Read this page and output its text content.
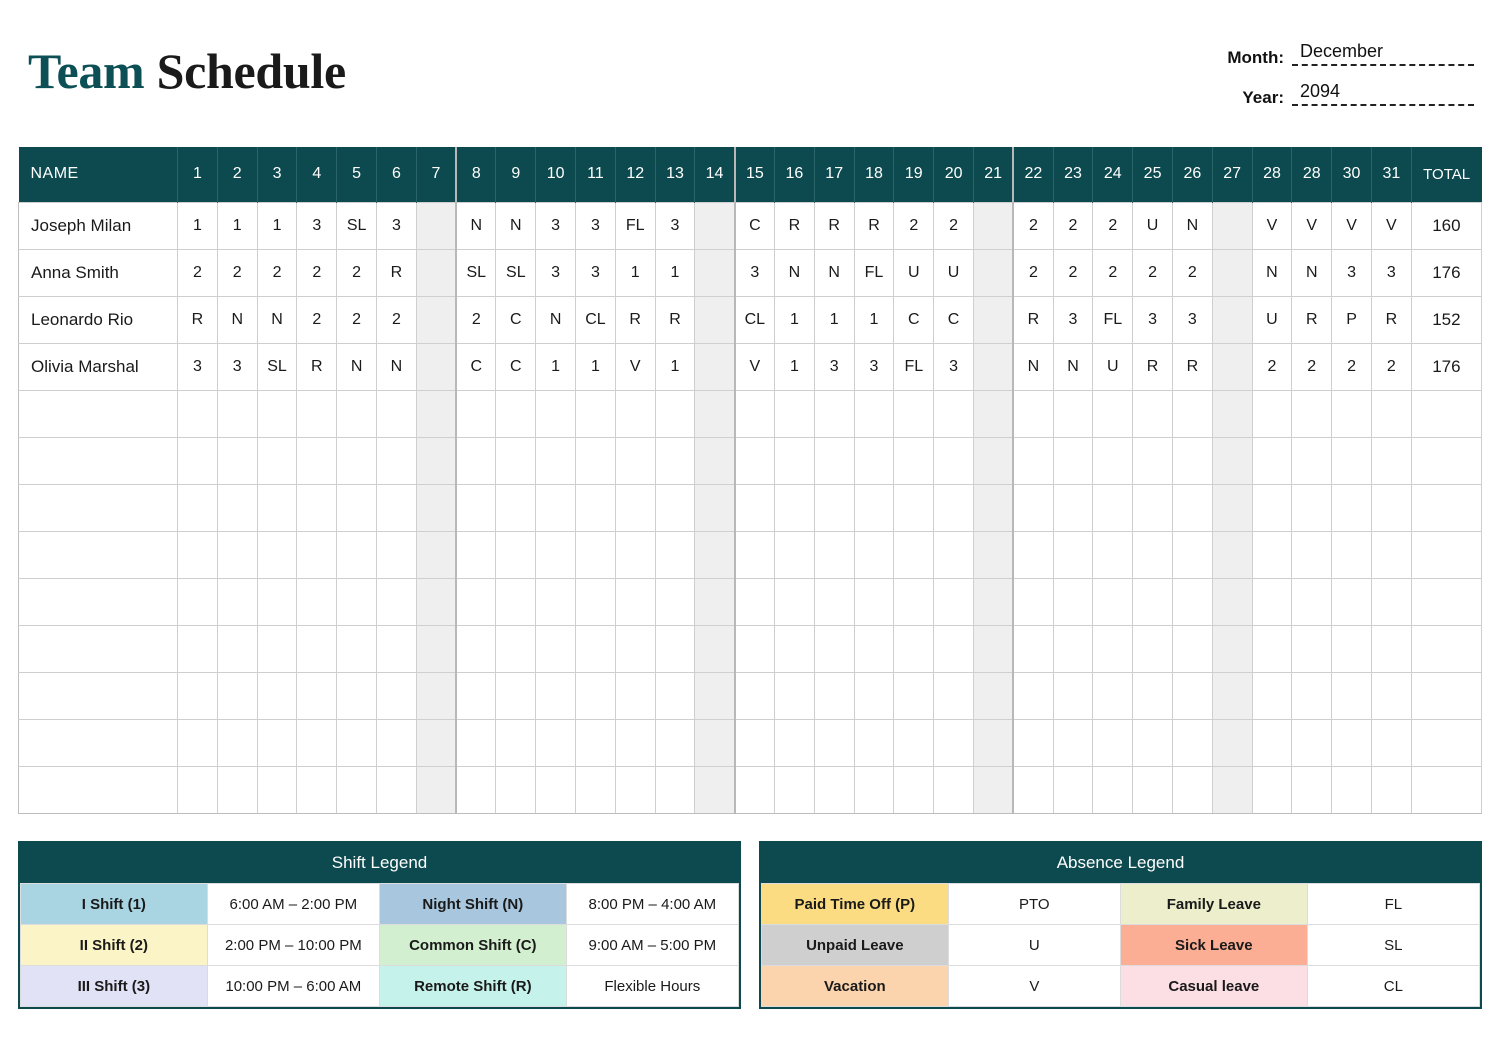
Team Schedule	Month: December
Year: 2094
NAME	1	2	3	4	5	6	7	8	9	10	11	12	13	14	15	16	17	18	19	20	21	22	23	24	25	26	27	28	28	30	31	TOTAL
Joseph Milan	1	1	1	3	SL	3		N	N	3	3	FL	3		C	R	R	R	2	2		2	2	2	U	N		V	V	V	V	160
Anna Smith	2	2	2	2	2	R		SL	SL	3	3	1	1		3	N	N	FL	U	U		2	2	2	2	2		N	N	3	3	176
Leonardo Rio	R	N	N	2	2	2		2	C	N	CL	R	R		CL	1	1	1	C	C		R	3	FL	3	3		U	R	P	R	152
Olivia Marshal	3	3	SL	R	N	N		C	C	1	1	V	1		V	1	3	3	FL	3		N	N	U	R	R		2	2	2	2	176

Shift Legend
I Shift (1)	6:00 AM – 2:00 PM	Night Shift (N)	8:00 PM – 4:00 AM
II Shift (2)	2:00 PM – 10:00 PM	Common Shift (C)	9:00 AM – 5:00 PM
III Shift (3)	10:00 PM – 6:00 AM	Remote Shift (R)	Flexible Hours
Absence Legend
Paid Time Off (P)	PTO	Family Leave	FL
Unpaid Leave	U	Sick Leave	SL
Vacation	V	Casual leave	CL
